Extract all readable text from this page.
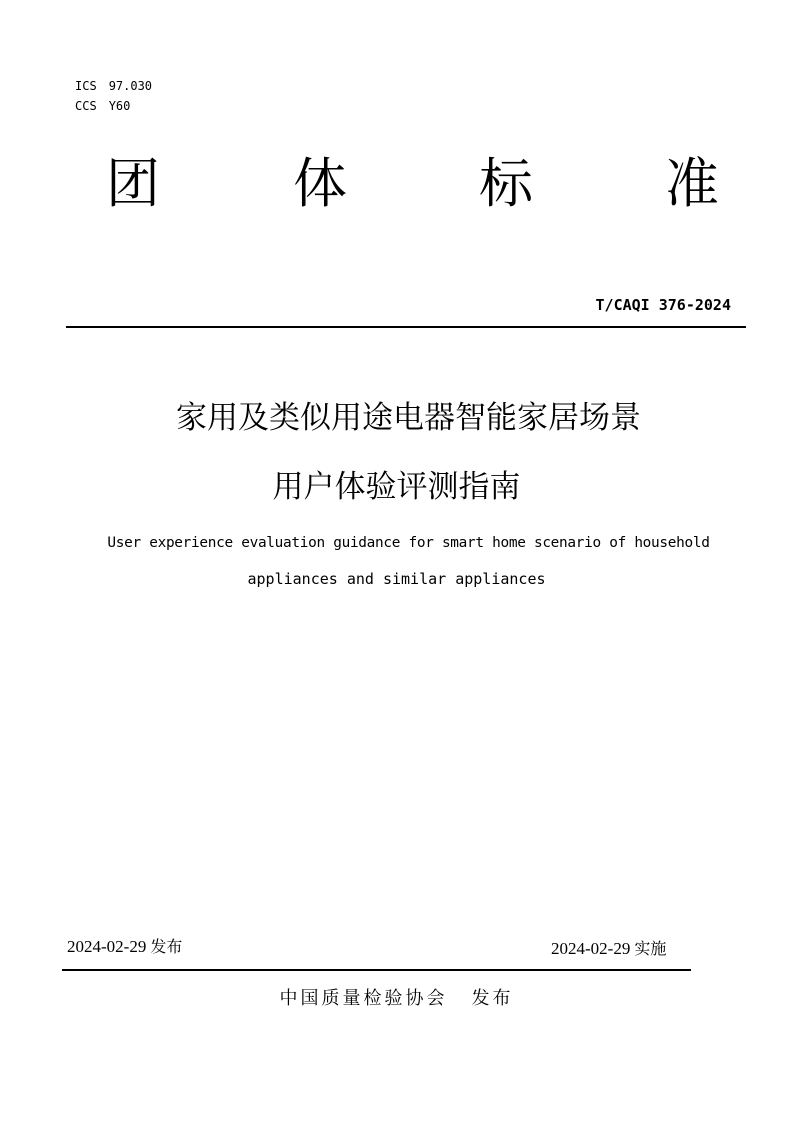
ICS 97.030
CCS Y60
团 体 标 准
T/CAQI 376-2024
家用及类似用途电器智能家居场景
用户体验评测指南
User experience evaluation guidance for smart home scenario of household
appliances and similar appliances
2024-02-29 发布	2024-02-29 实施
中国质量检验协会 发布
